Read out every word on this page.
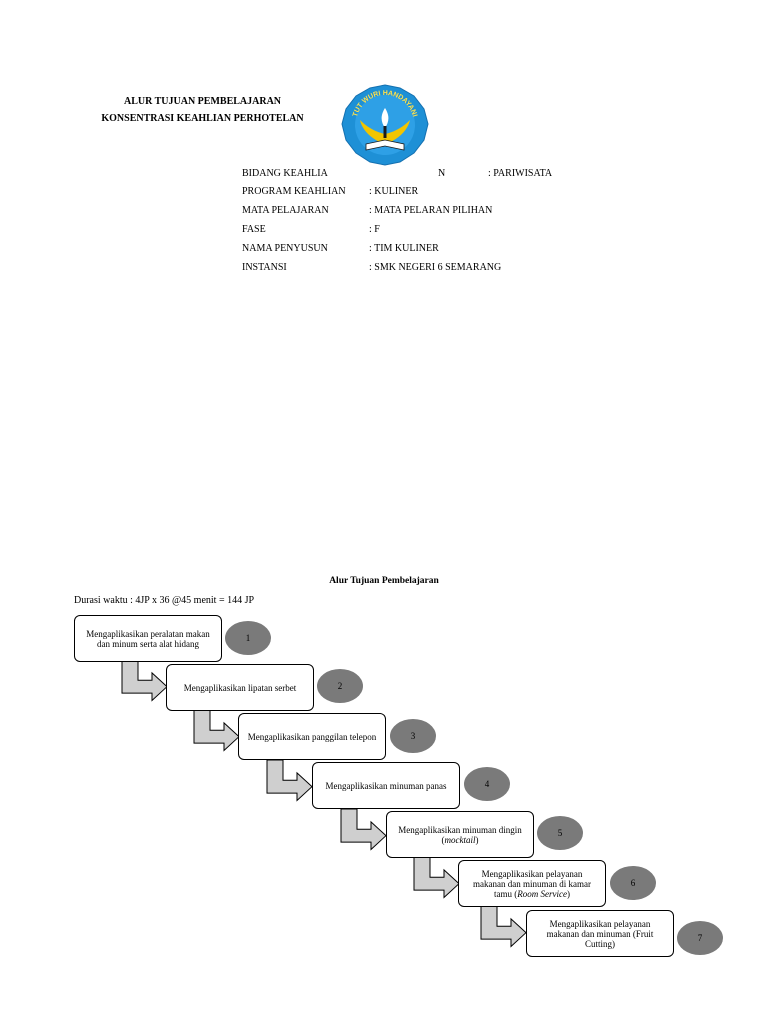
ALUR TUJUAN PEMBELAJARAN
KONSENTRASI KEAHLIAN PERHOTELAN	TUT WURI HANDAYANI
BIDANG KEAHLIA	N	: PARIWISATA
PROGRAM KEAHLIAN : KULINER
MATA PELAJARAN	: MATA PELARAN PILIHAN
FASE	: F
NAMA PENYUSUN	: TIM KULINER
INSTANSI	: SMK NEGERI 6 SEMARANG
Alur Tujuan Pembelajaran
Durasi waktu : 4JP x 36 @45 menit = 144 JP
Mengaplikasikan peralatan makan dan minum serta alat hidang
Mengaplikasikan lipatan serbet
Mengaplikasikan panggilan telepon
Mengaplikasikan minuman panas
Mengaplikasikan minuman dingin (mocktail)
Mengaplikasikan pelayanan makanan dan minuman di kamar tamu (Room Service)
Mengaplikasikan pelayanan makanan dan minuman (Fruit Cutting)
1
2
3
4
5
6
7
